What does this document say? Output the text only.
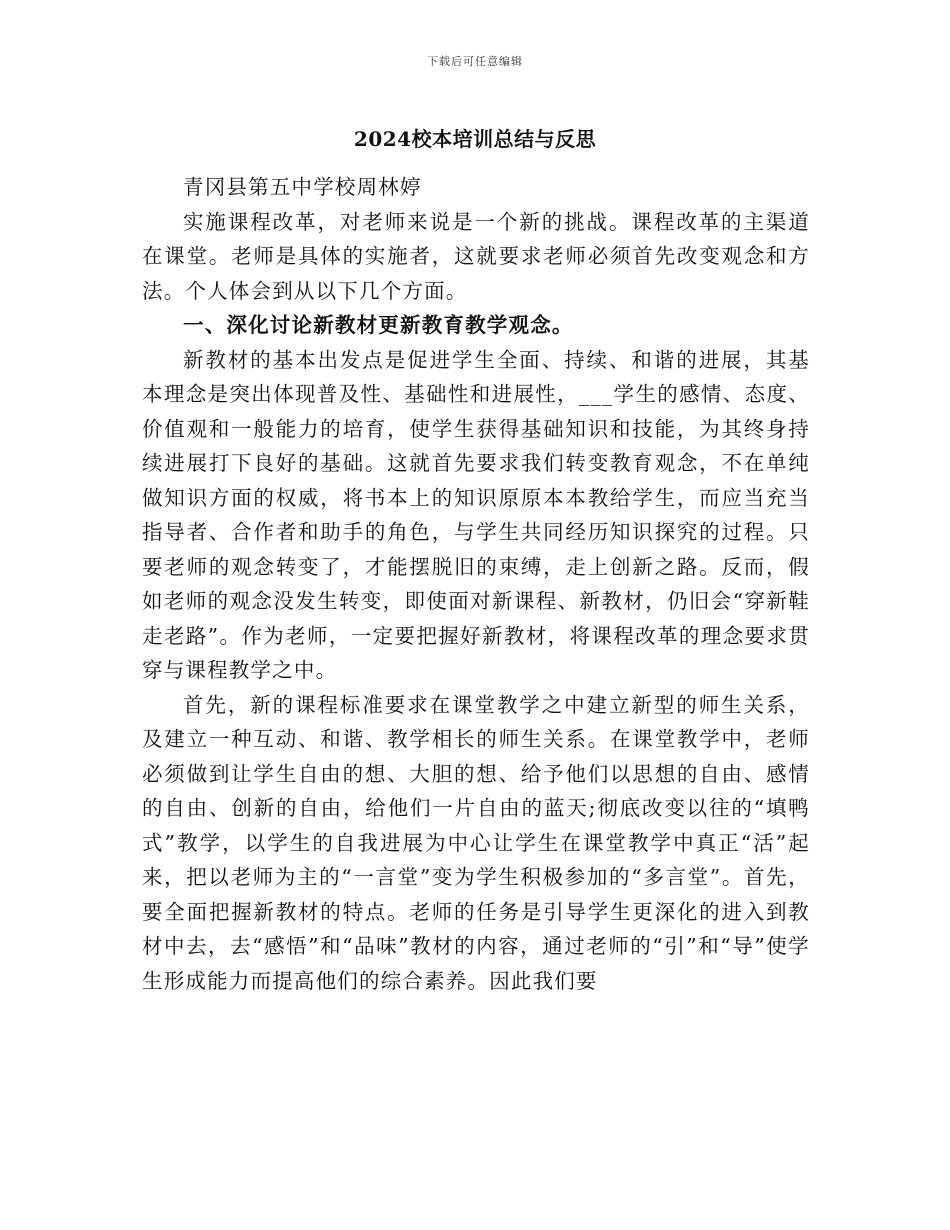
下载后可任意编辑
2024校本培训总结与反思

青冈县第五中学校周林婷

实施课程改革，对老师来说是一个新的挑战。课程改革的主渠道在课堂。老师是具体的实施者，这就要求老师必须首先改变观念和方法。个人体会到从以下几个方面。

一、深化讨论新教材更新教育教学观念。

新教材的基本出发点是促进学生全面、持续、和谐的进展，其基本理念是突出体现普及性、基础性和进展性，___学生的感情、态度、价值观和一般能力的培育，使学生获得基础知识和技能，为其终身持续进展打下良好的基础。这就首先要求我们转变教育观念，不在单纯做知识方面的权威，将书本上的知识原原本本教给学生，而应当充当指导者、合作者和助手的角色，与学生共同经历知识探究的过程。只要老师的观念转变了，才能摆脱旧的束缚，走上创新之路。反而，假如老师的观念没发生转变，即使面对新课程、新教材，仍旧会“穿新鞋走老路”。作为老师，一定要把握好新教材，将课程改革的理念要求贯穿与课程教学之中。

首先，新的课程标准要求在课堂教学之中建立新型的师生关系，及建立一种互动、和谐、教学相长的师生关系。在课堂教学中，老师必须做到让学生自由的想、大胆的想、给予他们以思想的自由、感情的自由、创新的自由，给他们一片自由的蓝天;彻底改变以往的“填鸭式”教学，以学生的自我进展为中心让学生在课堂教学中真正“活”起来，把以老师为主的“一言堂”变为学生积极参加的“多言堂”。首先，要全面把握新教材的特点。老师的任务是引导学生更深化的进入到教材中去，去“感悟”和“品味”教材的内容，通过老师的“引”和“导”使学生形成能力而提高他们的综合素养。因此我们要
